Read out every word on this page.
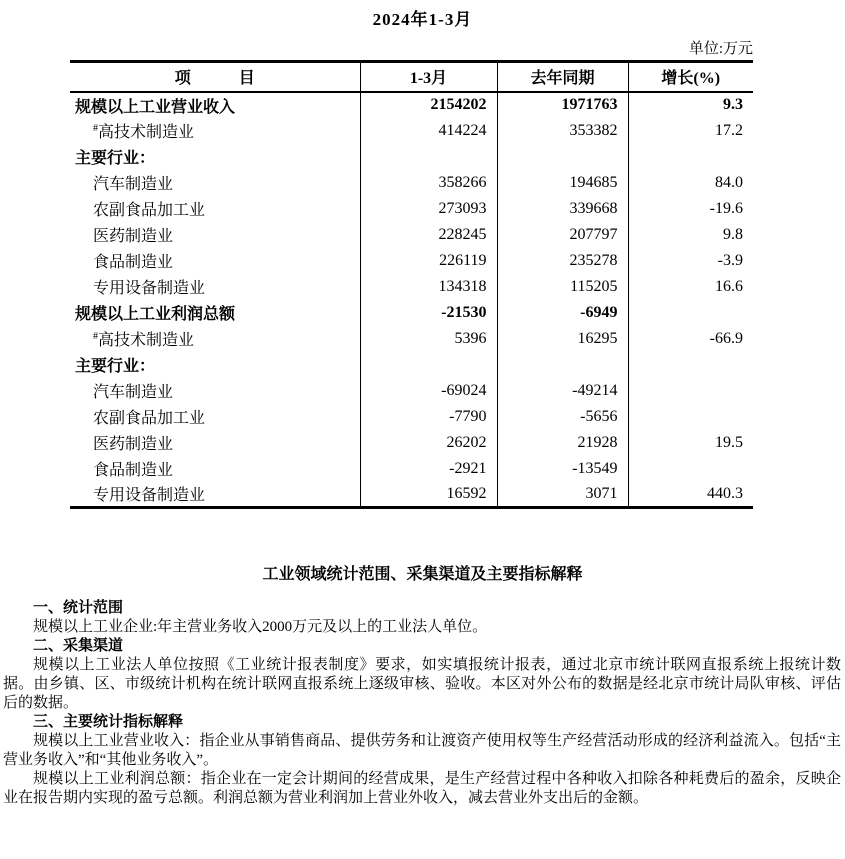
2024年1-3月
单位:万元
项　　　目	1-3月	去年同期	增长(%)
规模以上工业营业收入	2154202	1971763	9.3
#高技术制造业	414224	353382	17.2
主要行业：			
汽车制造业	358266	194685	84.0
农副食品加工业	273093	339668	-19.6
医药制造业	228245	207797	9.8
食品制造业	226119	235278	-3.9
专用设备制造业	134318	115205	16.6
规模以上工业利润总额	-21530	-6949	
#高技术制造业	5396	16295	-66.9
主要行业：			
汽车制造业	-69024	-49214	
农副食品加工业	-7790	-5656	
医药制造业	26202	21928	19.5
食品制造业	-2921	-13549	
专用设备制造业	16592	3071	440.3
工业领域统计范围、采集渠道及主要指标解释
一、统计范围
规模以上工业企业:年主营业务收入2000万元及以上的工业法人单位。
二、采集渠道
规模以上工业法人单位按照《工业统计报表制度》要求，如实填报统计报表，通过北京市统计联网直报系统上报统计数据。由乡镇、区、市级统计机构在统计联网直报系统上逐级审核、验收。本区对外公布的数据是经北京市统计局队审核、评估后的数据。
三、主要统计指标解释
规模以上工业营业收入：指企业从事销售商品、提供劳务和让渡资产使用权等生产经营活动形成的经济利益流入。包括“主营业务收入”和“其他业务收入”。
规模以上工业利润总额：指企业在一定会计期间的经营成果，是生产经营过程中各种收入扣除各种耗费后的盈余，反映企业在报告期内实现的盈亏总额。利润总额为营业利润加上营业外收入，减去营业外支出后的金额。
